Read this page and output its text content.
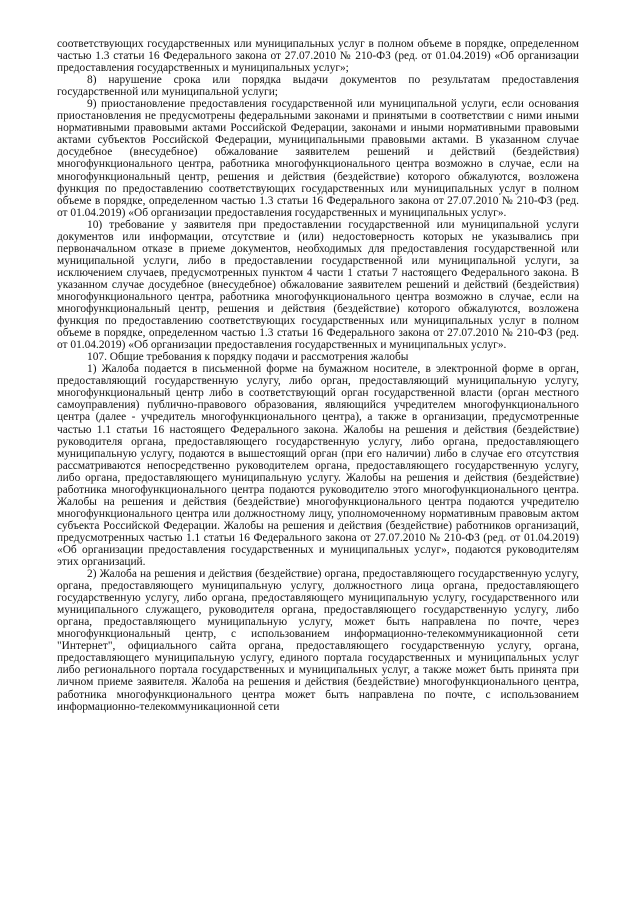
соответствующих государственных или муниципальных услуг в полном объеме в порядке, определенном частью 1.3 статьи 16 Федерального закона от 27.07.2010 № 210-ФЗ (ред. от 01.04.2019) «Об организации предоставления государственных и муниципальных услуг»;

8) нарушение срока или порядка выдачи документов по результатам предоставления государственной или муниципальной услуги;

9) приостановление предоставления государственной или муниципальной услуги, если основания приостановления не предусмотрены федеральными законами и принятыми в соответствии с ними иными нормативными правовыми актами Российской Федерации, законами и иными нормативными правовыми актами субъектов Российской Федерации, муниципальными правовыми актами. В указанном случае досудебное (внесудебное) обжалование заявителем решений и действий (бездействия) многофункционального центра, работника многофункционального центра возможно в случае, если на многофункциональный центр, решения и действия (бездействие) которого обжалуются, возложена функция по предоставлению соответствующих государственных или муниципальных услуг в полном объеме в порядке, определенном частью 1.3 статьи 16 Федерального закона от 27.07.2010 № 210-ФЗ (ред. от 01.04.2019) «Об организации предоставления государственных и муниципальных услуг».

10) требование у заявителя при предоставлении государственной или муниципальной услуги документов или информации, отсутствие и (или) недостоверность которых не указывались при первоначальном отказе в приеме документов, необходимых для предоставления государственной или муниципальной услуги, либо в предоставлении государственной или муниципальной услуги, за исключением случаев, предусмотренных пунктом 4 части 1 статьи 7 настоящего Федерального закона. В указанном случае досудебное (внесудебное) обжалование заявителем решений и действий (бездействия) многофункционального центра, работника многофункционального центра возможно в случае, если на многофункциональный центр, решения и действия (бездействие) которого обжалуются, возложена функция по предоставлению соответствующих государственных или муниципальных услуг в полном объеме в порядке, определенном частью 1.3 статьи 16 Федерального закона от 27.07.2010 № 210-ФЗ (ред. от 01.04.2019) «Об организации предоставления государственных и муниципальных услуг».

107. Общие требования к порядку подачи и рассмотрения жалобы

1) Жалоба подается в письменной форме на бумажном носителе, в электронной форме в орган, предоставляющий государственную услугу, либо орган, предоставляющий муниципальную услугу, многофункциональный центр либо в соответствующий орган государственной власти (орган местного самоуправления) публично-правового образования, являющийся учредителем многофункционального центра (далее - учредитель многофункционального центра), а также в организации, предусмотренные частью 1.1 статьи 16 настоящего Федерального закона. Жалобы на решения и действия (бездействие) руководителя органа, предоставляющего государственную услугу, либо органа, предоставляющего муниципальную услугу, подаются в вышестоящий орган (при его наличии) либо в случае его отсутствия рассматриваются непосредственно руководителем органа, предоставляющего государственную услугу, либо органа, предоставляющего муниципальную услугу. Жалобы на решения и действия (бездействие) работника многофункционального центра подаются руководителю этого многофункционального центра. Жалобы на решения и действия (бездействие) многофункционального центра подаются учредителю многофункционального центра или должностному лицу, уполномоченному нормативным правовым актом субъекта Российской Федерации. Жалобы на решения и действия (бездействие) работников организаций, предусмотренных частью 1.1 статьи 16 Федерального закона от 27.07.2010 № 210-ФЗ (ред. от 01.04.2019) «Об организации предоставления государственных и муниципальных услуг», подаются руководителям этих организаций.

2) Жалоба на решения и действия (бездействие) органа, предоставляющего государственную услугу, органа, предоставляющего муниципальную услугу, должностного лица органа, предоставляющего государственную услугу, либо органа, предоставляющего муниципальную услугу, государственного или муниципального служащего, руководителя органа, предоставляющего государственную услугу, либо органа, предоставляющего муниципальную услугу, может быть направлена по почте, через многофункциональный центр, с использованием информационно-телекоммуникационной сети "Интернет", официального сайта органа, предоставляющего государственную услугу, органа, предоставляющего муниципальную услугу, единого портала государственных и муниципальных услуг либо регионального портала государственных и муниципальных услуг, а также может быть принята при личном приеме заявителя. Жалоба на решения и действия (бездействие) многофункционального центра, работника многофункционального центра может быть направлена по почте, с использованием информационно-телекоммуникационной сети
